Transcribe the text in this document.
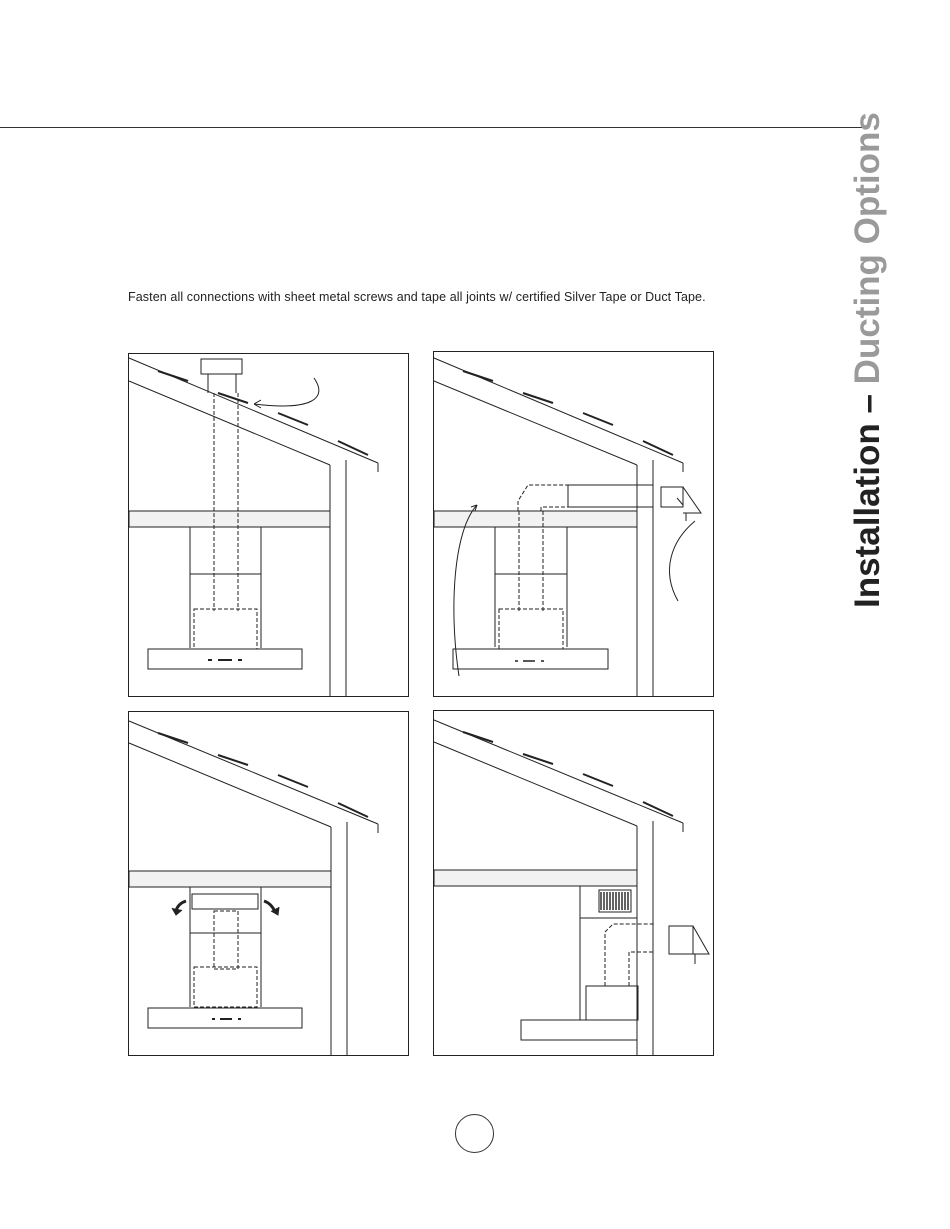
Installation – Ducting Options

Fasten all connections with sheet metal screws and tape all joints w/ certified Silver Tape or Duct Tape.
